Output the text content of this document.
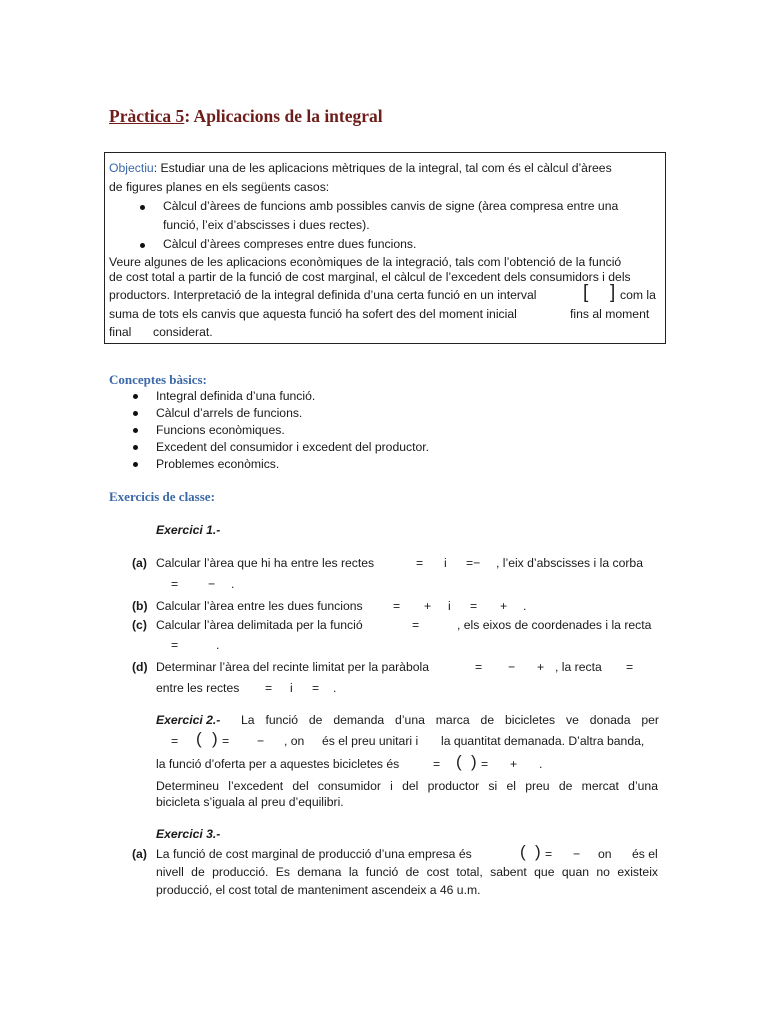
Pràctica 5: Aplicacions de la integral
Objectiu: Estudiar una de les aplicacions mètriques de la integral, tal com és el càlcul d’àrees
de figures planes en els següents casos:
Càlcul d’àrees de funcions amb possibles canvis de signe (àrea compresa entre una
funció, l’eix d’abscisses i dues rectes).
Càlcul d’àrees compreses entre dues funcions.
Veure algunes de les aplicacions econòmiques de la integració, tals com l’obtenció de la funció
de cost total a partir de la funció de cost marginal, el càlcul de l’excedent dels consumidors i dels
productors. Interpretació de la integral definida d’una certa funció en un interval [ ] com la
suma de tots els canvis que aquesta funció ha sofert des del moment inicial	fins al moment
final considerat.
Conceptes bàsics:
Integral definida d’una funció.
Càlcul d’arrels de funcions.
Funcions econòmiques.
Excedent del consumidor i excedent del productor.
Problemes econòmics.
Exercicis de classe:
Exercici 1.-
(a) Calcular l’àrea que hi ha entre les rectes	= i =− , l’eix d’abscisses i la corba
= − .
(b) Calcular l’àrea entre les dues funcions = + i = + .
(c) Calcular l’àrea delimitada per la funció	=	, els eixos de coordenades i la recta
=	.
(d) Determinar l’àrea del recinte limitat per la paràbola	= − + , la recta =
entre les rectes = i = .
Exercici 2.- La funció de demanda d’una marca de bicicletes ve donada per
= ( ) = − , on és el preu unitari i la quantitat demanada. D’altra banda,
la funció d’oferta per a aquestes bicicletes és	= ( ) = + .
Determineu l’excedent del consumidor i del productor si el preu de mercat d’una
bicicleta s’iguala al preu d’equilibri.
Exercici 3.-
(a) La funció de cost marginal de producció d’una empresa és	( ) = − on és el
nivell de producció. Es demana la funció de cost total, sabent que quan no existeix
producció, el cost total de manteniment ascendeix a 46 u.m.
